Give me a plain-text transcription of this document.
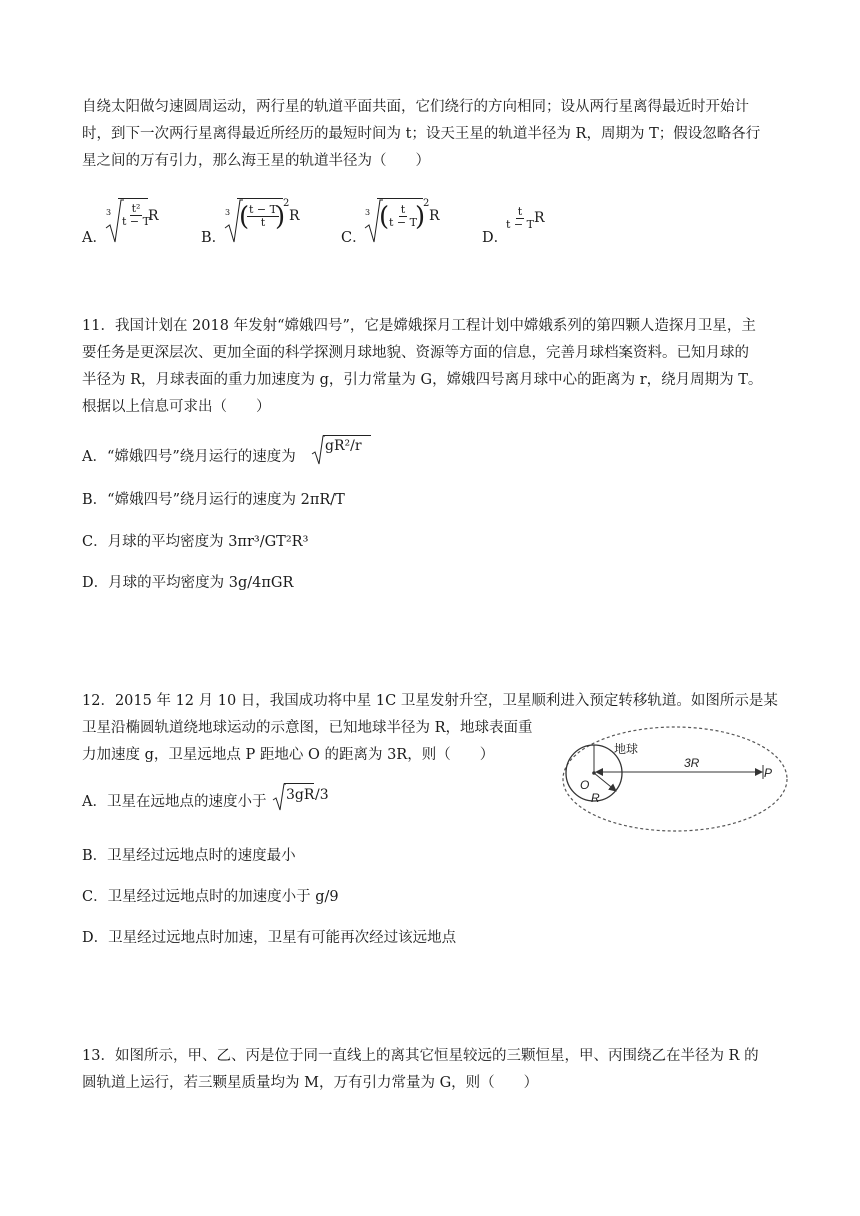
自绕太阳做匀速圆周运动，两行星的轨道平面共面，它们绕行的方向相同；设从两行星离得最近时开始计
时，到下一次两行星离得最近所经历的最短时间为 t；设天王星的轨道半径为 R，周期为 T；假设忽略各行
星之间的万有引力，那么海王星的轨道半径为（　　）
A．
$3 \frac{\text{t²}}{t - T}$
R
B．
3 (
$\frac{t - T}{t}$
)
2
R
C．
3 (
$\frac{t}{t - T}$
)
2
R
D．
$\frac{t}{t - T}$
R
11．我国计划在 2018 年发射“嫦娥四号”，它是嫦娥探月工程计划中嫦娥系列的第四颗人造探月卫星，主
要任务是更深层次、更加全面的科学探测月球地貌、资源等方面的信息，完善月球档案资料。已知月球的
半径为 R，月球表面的重力加速度为 g，引力常量为 G，嫦娥四号离月球中心的距离为 r，绕月周期为 T。
根据以上信息可求出（　　）
A．“嫦娥四号”绕月运行的速度为
gR²/r
B．“嫦娥四号”绕月运行的速度为 2πR/T
C．月球的平均密度为 3πr³/GT²R³
D．月球的平均密度为 3g/4πGR
12．2015 年 12 月 10 日，我国成功将中星 1C 卫星发射升空，卫星顺利进入预定转移轨道。如图所示是某
卫星沿椭圆轨道绕地球运动的示意图，已知地球半径为 R，地球表面重
力加速度 g，卫星远地点 P 距地心 O 的距离为 3R，则（　　）
A．卫星在远地点的速度小于 3gR /3
B．卫星经过远地点时的速度最小
C．卫星经过远地点时的加速度小于 g/9
D．卫星经过远地点时加速，卫星有可能再次经过该远地点
地球
3R
O
R
P
13．如图所示，甲、乙、丙是位于同一直线上的离其它恒星较远的三颗恒星，甲、丙围绕乙在半径为 R 的
圆轨道上运行，若三颗星质量均为 M，万有引力常量为 G，则（　　）
